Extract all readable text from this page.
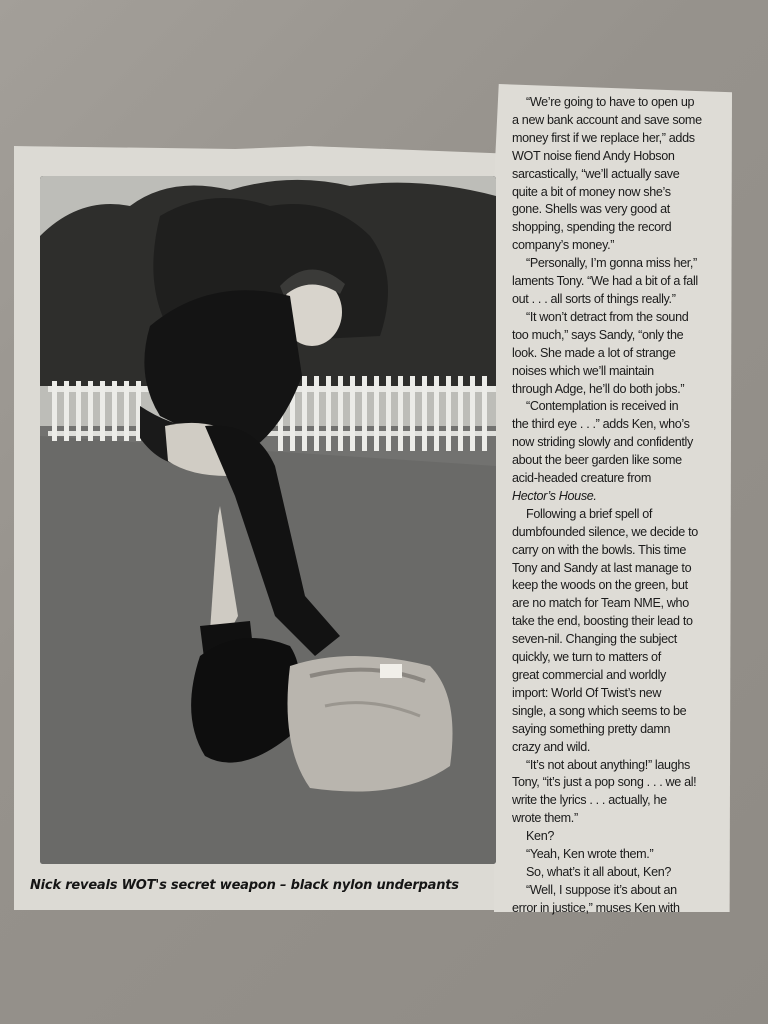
Nick reveals WOT's secret weapon – black nylon underpants
“We’re going to have to open up
a new bank account and save some
money first if we replace her,” adds
WOT noise fiend Andy Hobson
sarcastically, “we’ll actually save
quite a bit of money now she’s
gone. Shells was very good at
shopping, spending the record
company’s money.”
“Personally, I’m gonna miss her,”
laments Tony. “We had a bit of a fall
out . . . all sorts of things really.”
“It won’t detract from the sound
too much,” says Sandy, “only the
look. She made a lot of strange
noises which we’ll maintain
through Adge, he’ll do both jobs.”
“Contemplation is received in
the third eye . . .” adds Ken, who’s
now striding slowly and confidently
about the beer garden like some
acid-headed creature from
Hector’s House.
Following a brief spell of
dumbfounded silence, we decide to
carry on with the bowls. This time
Tony and Sandy at last manage to
keep the woods on the green, but
are no match for Team NME, who
take the end, boosting their lead to
seven-nil. Changing the subject
quickly, we turn to matters of
great commercial and worldly
import: World Of Twist’s new
single, a song which seems to be
saying something pretty damn
crazy and wild.
“It’s not about anything!” laughs
Tony, “it’s just a pop song . . . we al!
write the lyrics . . . actually, he
wrote them.”
Ken?
“Yeah, Ken wrote them.”
So, what’s it all about, Ken?
“Well, I suppose it’s about an
error in justice,” muses Ken with
